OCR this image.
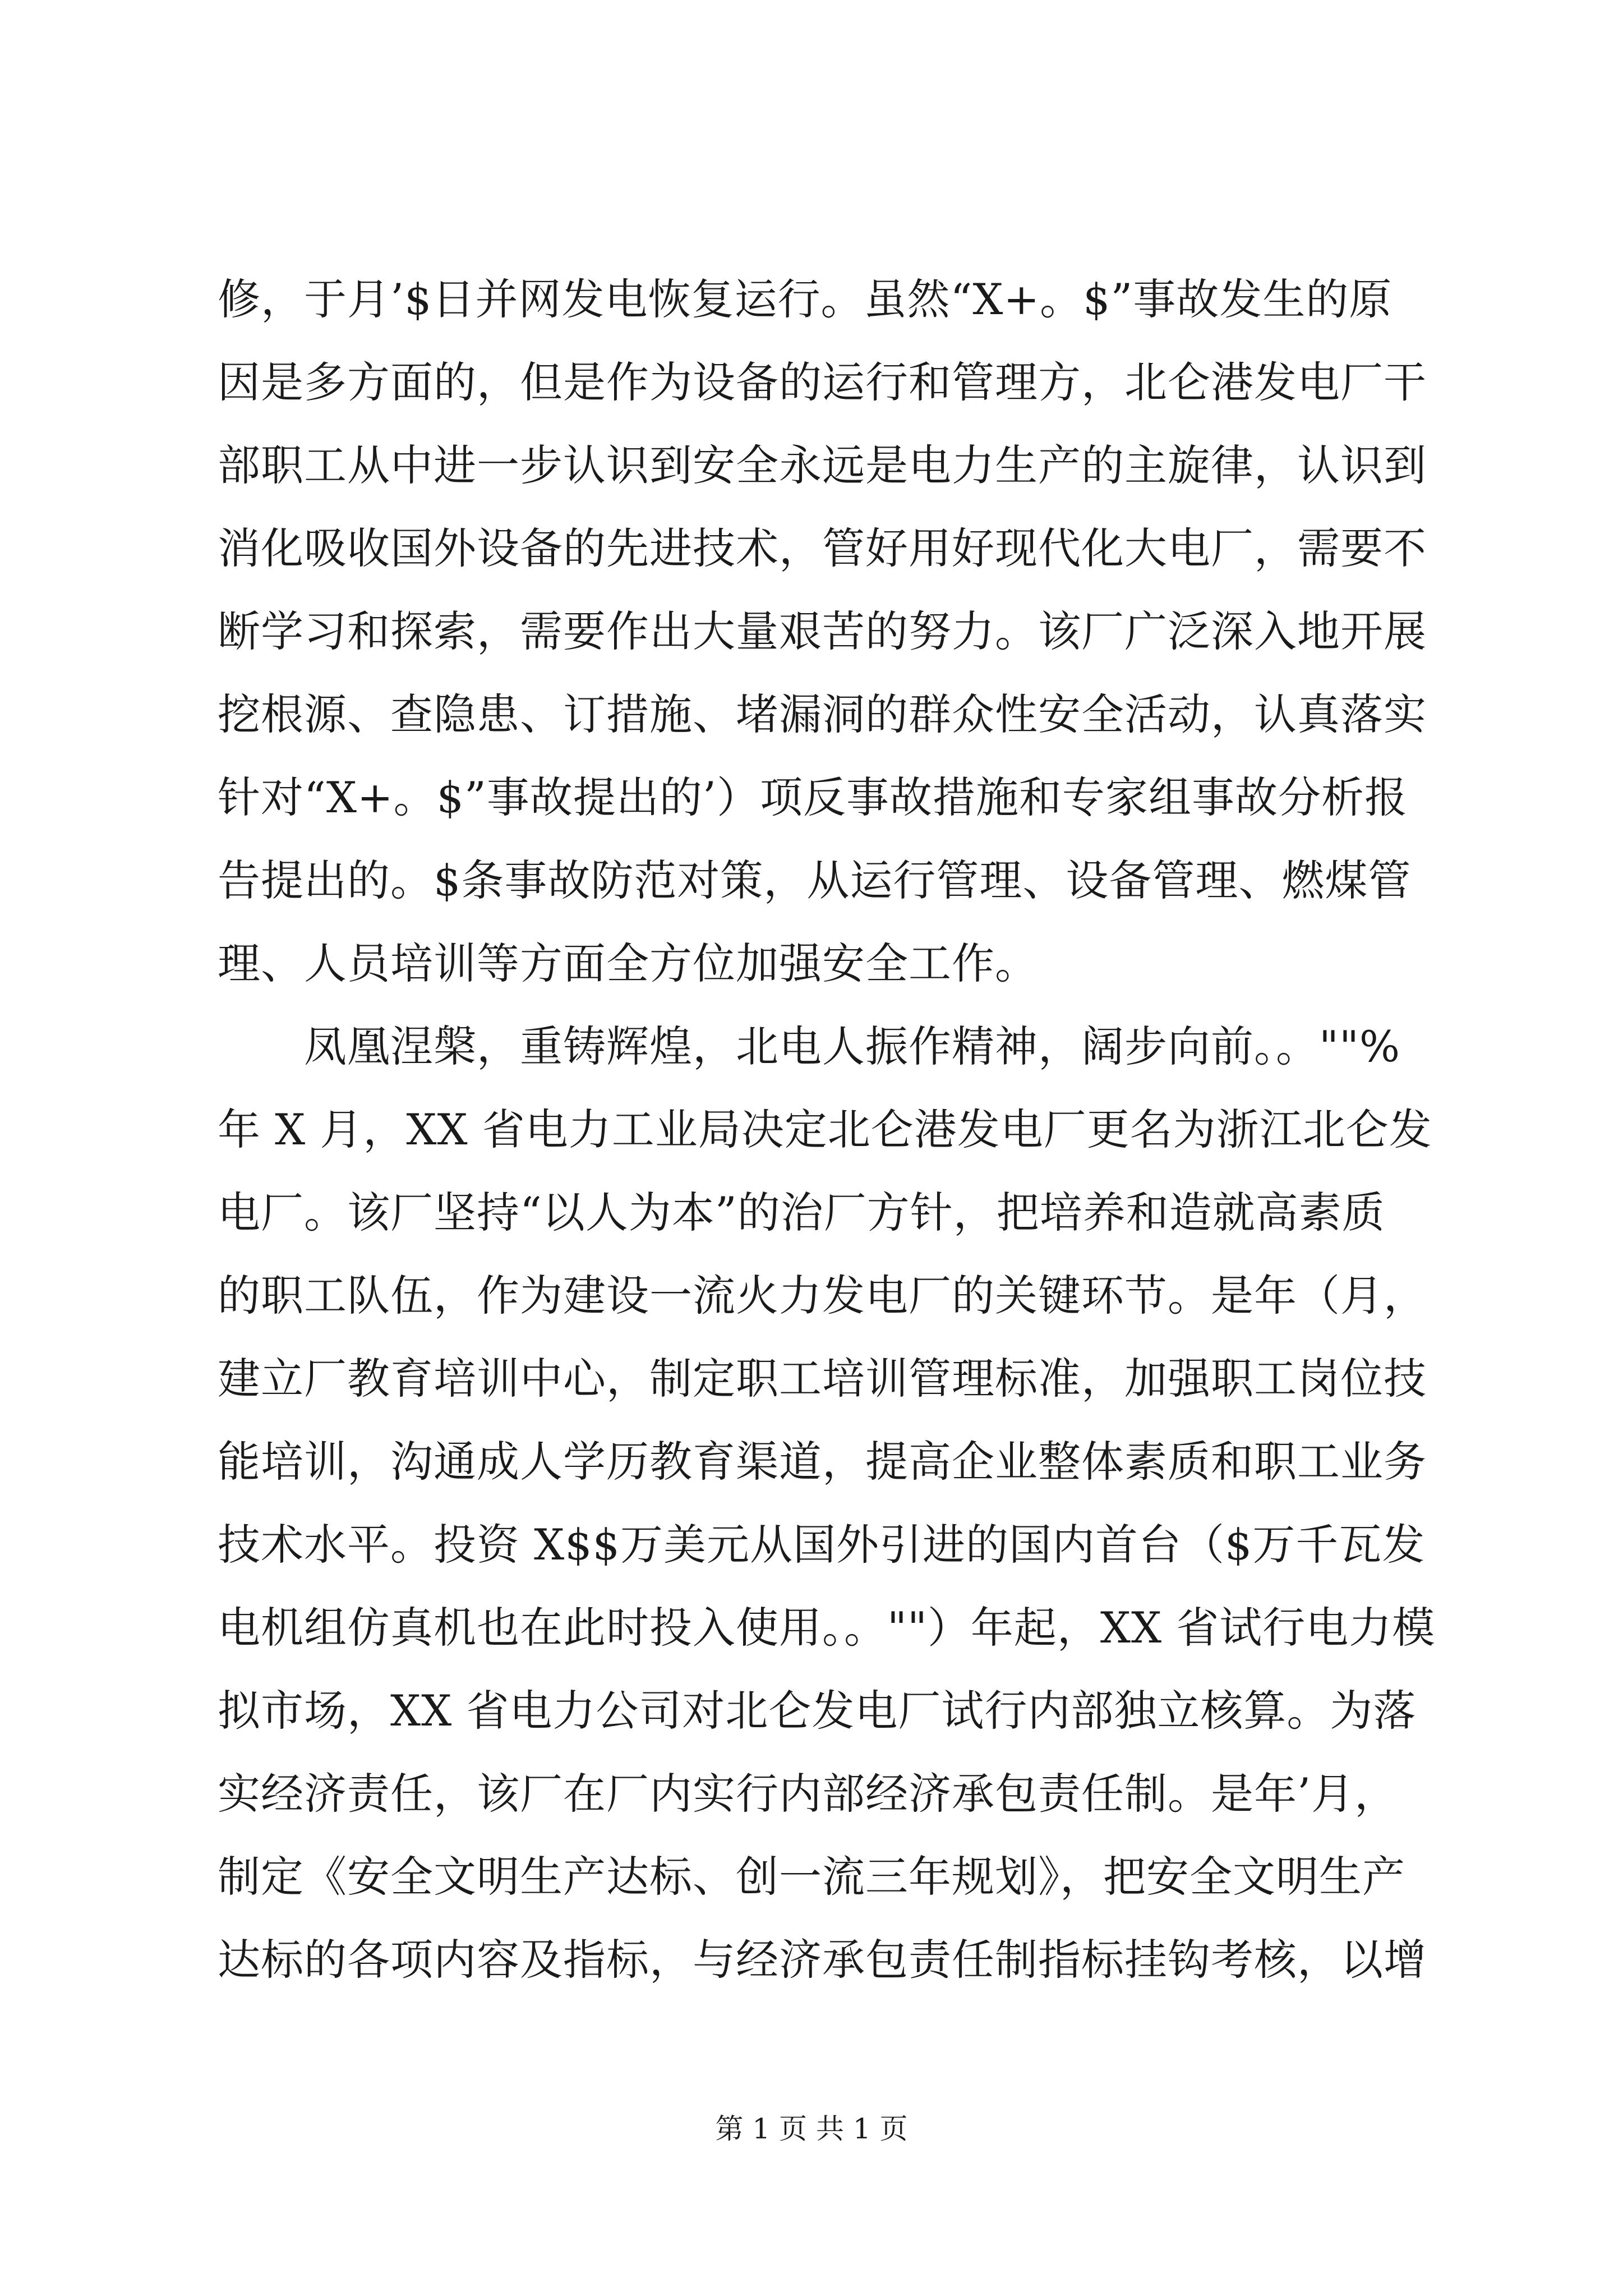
修，于月’$日并网发电恢复运行。虽然“X+。$”事故发生的原
因是多方面的，但是作为设备的运行和管理方，北仑港发电厂干
部职工从中进一步认识到安全永远是电力生产的主旋律，认识到
消化吸收国外设备的先进技术，管好用好现代化大电厂，需要不
断学习和探索，需要作出大量艰苦的努力。该厂广泛深入地开展
挖根源、查隐患、订措施、堵漏洞的群众性安全活动，认真落实
针对“X+。$”事故提出的’）项反事故措施和专家组事故分析报
告提出的。$条事故防范对策，从运行管理、设备管理、燃煤管
理、人员培训等方面全方位加强安全工作。
　　凤凰涅槃，重铸辉煌，北电人振作精神，阔步向前。。""%
年 X 月，XX 省电力工业局决定北仑港发电厂更名为浙江北仑发
电厂。该厂坚持“以人为本”的治厂方针，把培养和造就高素质
的职工队伍，作为建设一流火力发电厂的关键环节。是年（月，
建立厂教育培训中心，制定职工培训管理标准，加强职工岗位技
能培训，沟通成人学历教育渠道，提高企业整体素质和职工业务
技术水平。投资 X$$万美元从国外引进的国内首台（$万千瓦发
电机组仿真机也在此时投入使用。。""）年起，XX 省试行电力模
拟市场，XX 省电力公司对北仑发电厂试行内部独立核算。为落
实经济责任，该厂在厂内实行内部经济承包责任制。是年’月，
制定《安全文明生产达标、创一流三年规划》，把安全文明生产
达标的各项内容及指标，与经济承包责任制指标挂钩考核，以增
第 1 页 共 1 页
